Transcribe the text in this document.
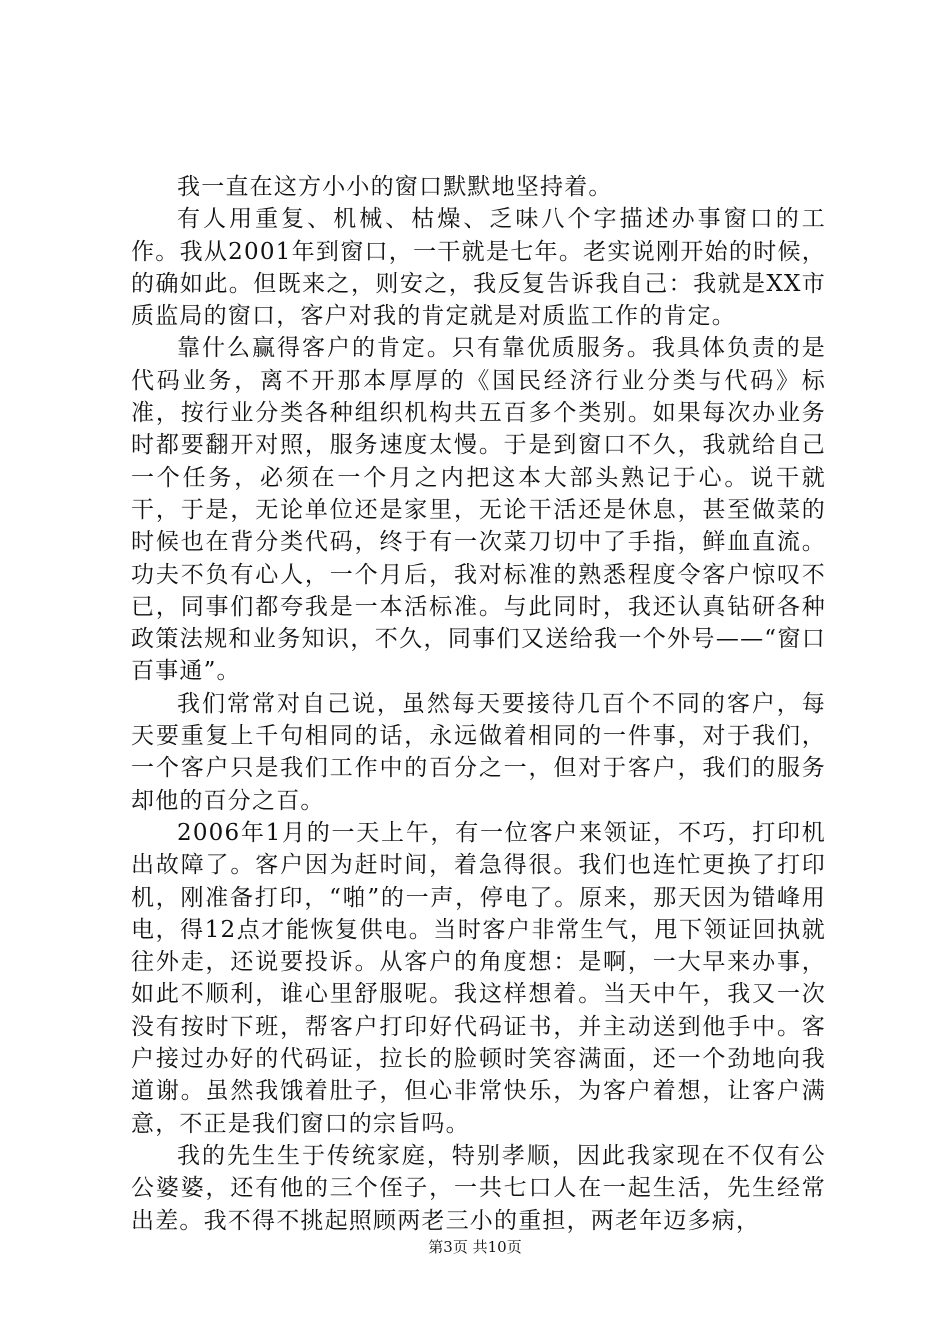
我一直在这方小小的窗口默默地坚持着。

有人用重复、机械、枯燥、乏味八个字描述办事窗口的工作。我从2001年到窗口，一干就是七年。老实说刚开始的时候，的确如此。但既来之，则安之，我反复告诉我自己：我就是XX市质监局的窗口，客户对我的肯定就是对质监工作的肯定。

靠什么赢得客户的肯定。只有靠优质服务。我具体负责的是代码业务，离不开那本厚厚的《国民经济行业分类与代码》标准，按行业分类各种组织机构共五百多个类别。如果每次办业务时都要翻开对照，服务速度太慢。于是到窗口不久，我就给自己一个任务，必须在一个月之内把这本大部头熟记于心。说干就干，于是，无论单位还是家里，无论干活还是休息，甚至做菜的时候也在背分类代码，终于有一次菜刀切中了手指，鲜血直流。功夫不负有心人，一个月后，我对标准的熟悉程度令客户惊叹不已，同事们都夸我是一本活标准。与此同时，我还认真钻研各种政策法规和业务知识，不久，同事们又送给我一个外号——“窗口百事通”。

我们常常对自己说，虽然每天要接待几百个不同的客户，每天要重复上千句相同的话，永远做着相同的一件事，对于我们，一个客户只是我们工作中的百分之一，但对于客户，我们的服务却他的百分之百。

2006年1月的一天上午，有一位客户来领证，不巧，打印机出故障了。客户因为赶时间，着急得很。我们也连忙更换了打印机，刚准备打印，“啪”的一声，停电了。原来，那天因为错峰用电，得12点才能恢复供电。当时客户非常生气，甩下领证回执就往外走，还说要投诉。从客户的角度想：是啊，一大早来办事，如此不顺利，谁心里舒服呢。我这样想着。当天中午，我又一次没有按时下班，帮客户打印好代码证书，并主动送到他手中。客户接过办好的代码证，拉长的脸顿时笑容满面，还一个劲地向我道谢。虽然我饿着肚子，但心非常快乐，为客户着想，让客户满意，不正是我们窗口的宗旨吗。

我的先生生于传统家庭，特别孝顺，因此我家现在不仅有公公婆婆，还有他的三个侄子，一共七口人在一起生活，先生经常出差。我不得不挑起照顾两老三小的重担，两老年迈多病，

第3页 共10页
